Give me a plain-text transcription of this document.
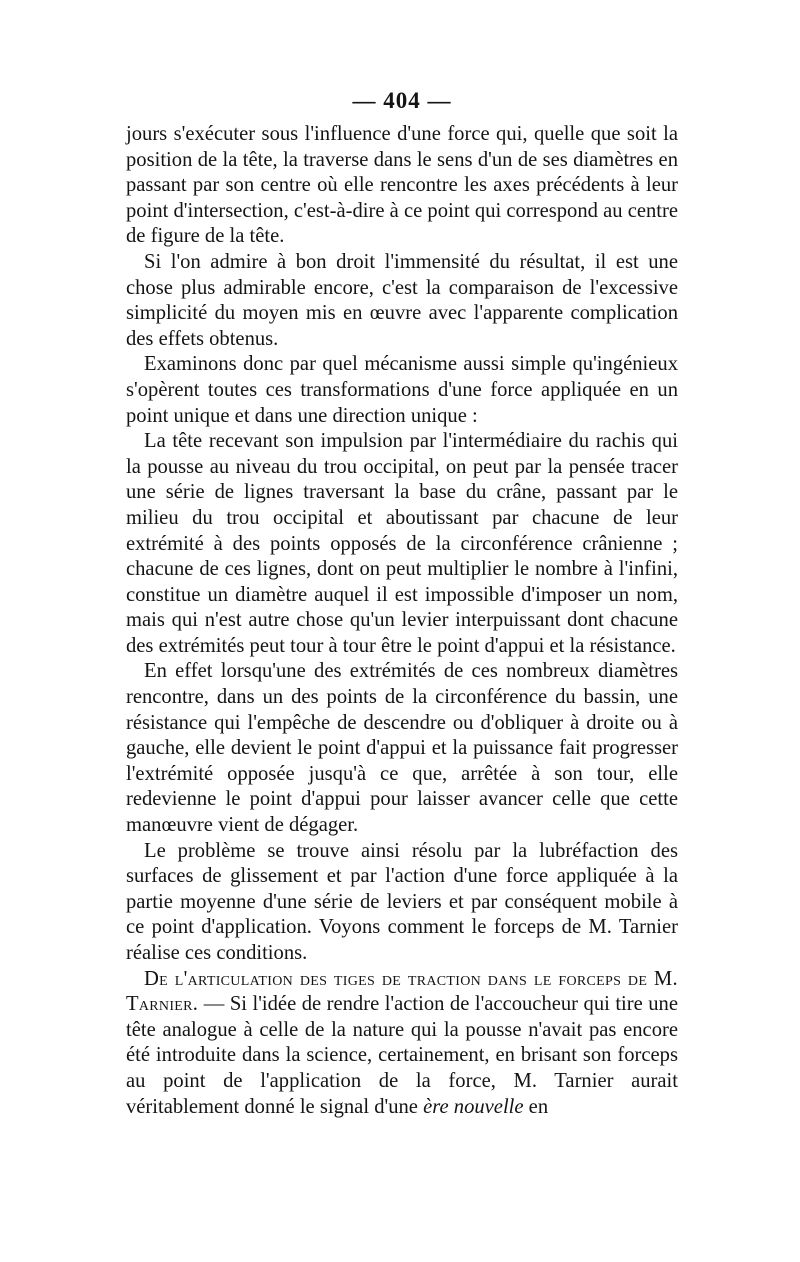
— 404 —

jours s'exécuter sous l'influence d'une force qui, quelle que soit la position de la tête, la traverse dans le sens d'un de ses diamètres en passant par son centre où elle rencontre les axes précédents à leur point d'intersection, c'est-à-dire à ce point qui correspond au centre de figure de la tête.

Si l'on admire à bon droit l'immensité du résultat, il est une chose plus admirable encore, c'est la comparaison de l'excessive simplicité du moyen mis en œuvre avec l'apparente complication des effets obtenus.

Examinons donc par quel mécanisme aussi simple qu'ingénieux s'opèrent toutes ces transformations d'une force appliquée en un point unique et dans une direction unique :

La tête recevant son impulsion par l'intermédiaire du rachis qui la pousse au niveau du trou occipital, on peut par la pensée tracer une série de lignes traversant la base du crâne, passant par le milieu du trou occipital et aboutissant par chacune de leur extrémité à des points opposés de la circonférence crânienne ; chacune de ces lignes, dont on peut multiplier le nombre à l'infini, constitue un diamètre auquel il est impossible d'imposer un nom, mais qui n'est autre chose qu'un levier interpuissant dont chacune des extrémités peut tour à tour être le point d'appui et la résistance.

En effet lorsqu'une des extrémités de ces nombreux diamètres rencontre, dans un des points de la circonférence du bassin, une résistance qui l'empêche de descendre ou d'obliquer à droite ou à gauche, elle devient le point d'appui et la puissance fait progresser l'extrémité opposée jusqu'à ce que, arrêtée à son tour, elle redevienne le point d'appui pour laisser avancer celle que cette manœuvre vient de dégager.

Le problème se trouve ainsi résolu par la lubréfaction des surfaces de glissement et par l'action d'une force appliquée à la partie moyenne d'une série de leviers et par conséquent mobile à ce point d'application. Voyons comment le forceps de M. Tarnier réalise ces conditions.

De l'articulation des tiges de traction dans le forceps de M. Tarnier. — Si l'idée de rendre l'action de l'accoucheur qui tire une tête analogue à celle de la nature qui la pousse n'avait pas encore été introduite dans la science, certainement, en brisant son forceps au point de l'application de la force, M. Tarnier aurait véritablement donné le signal d'une ère nouvelle en
